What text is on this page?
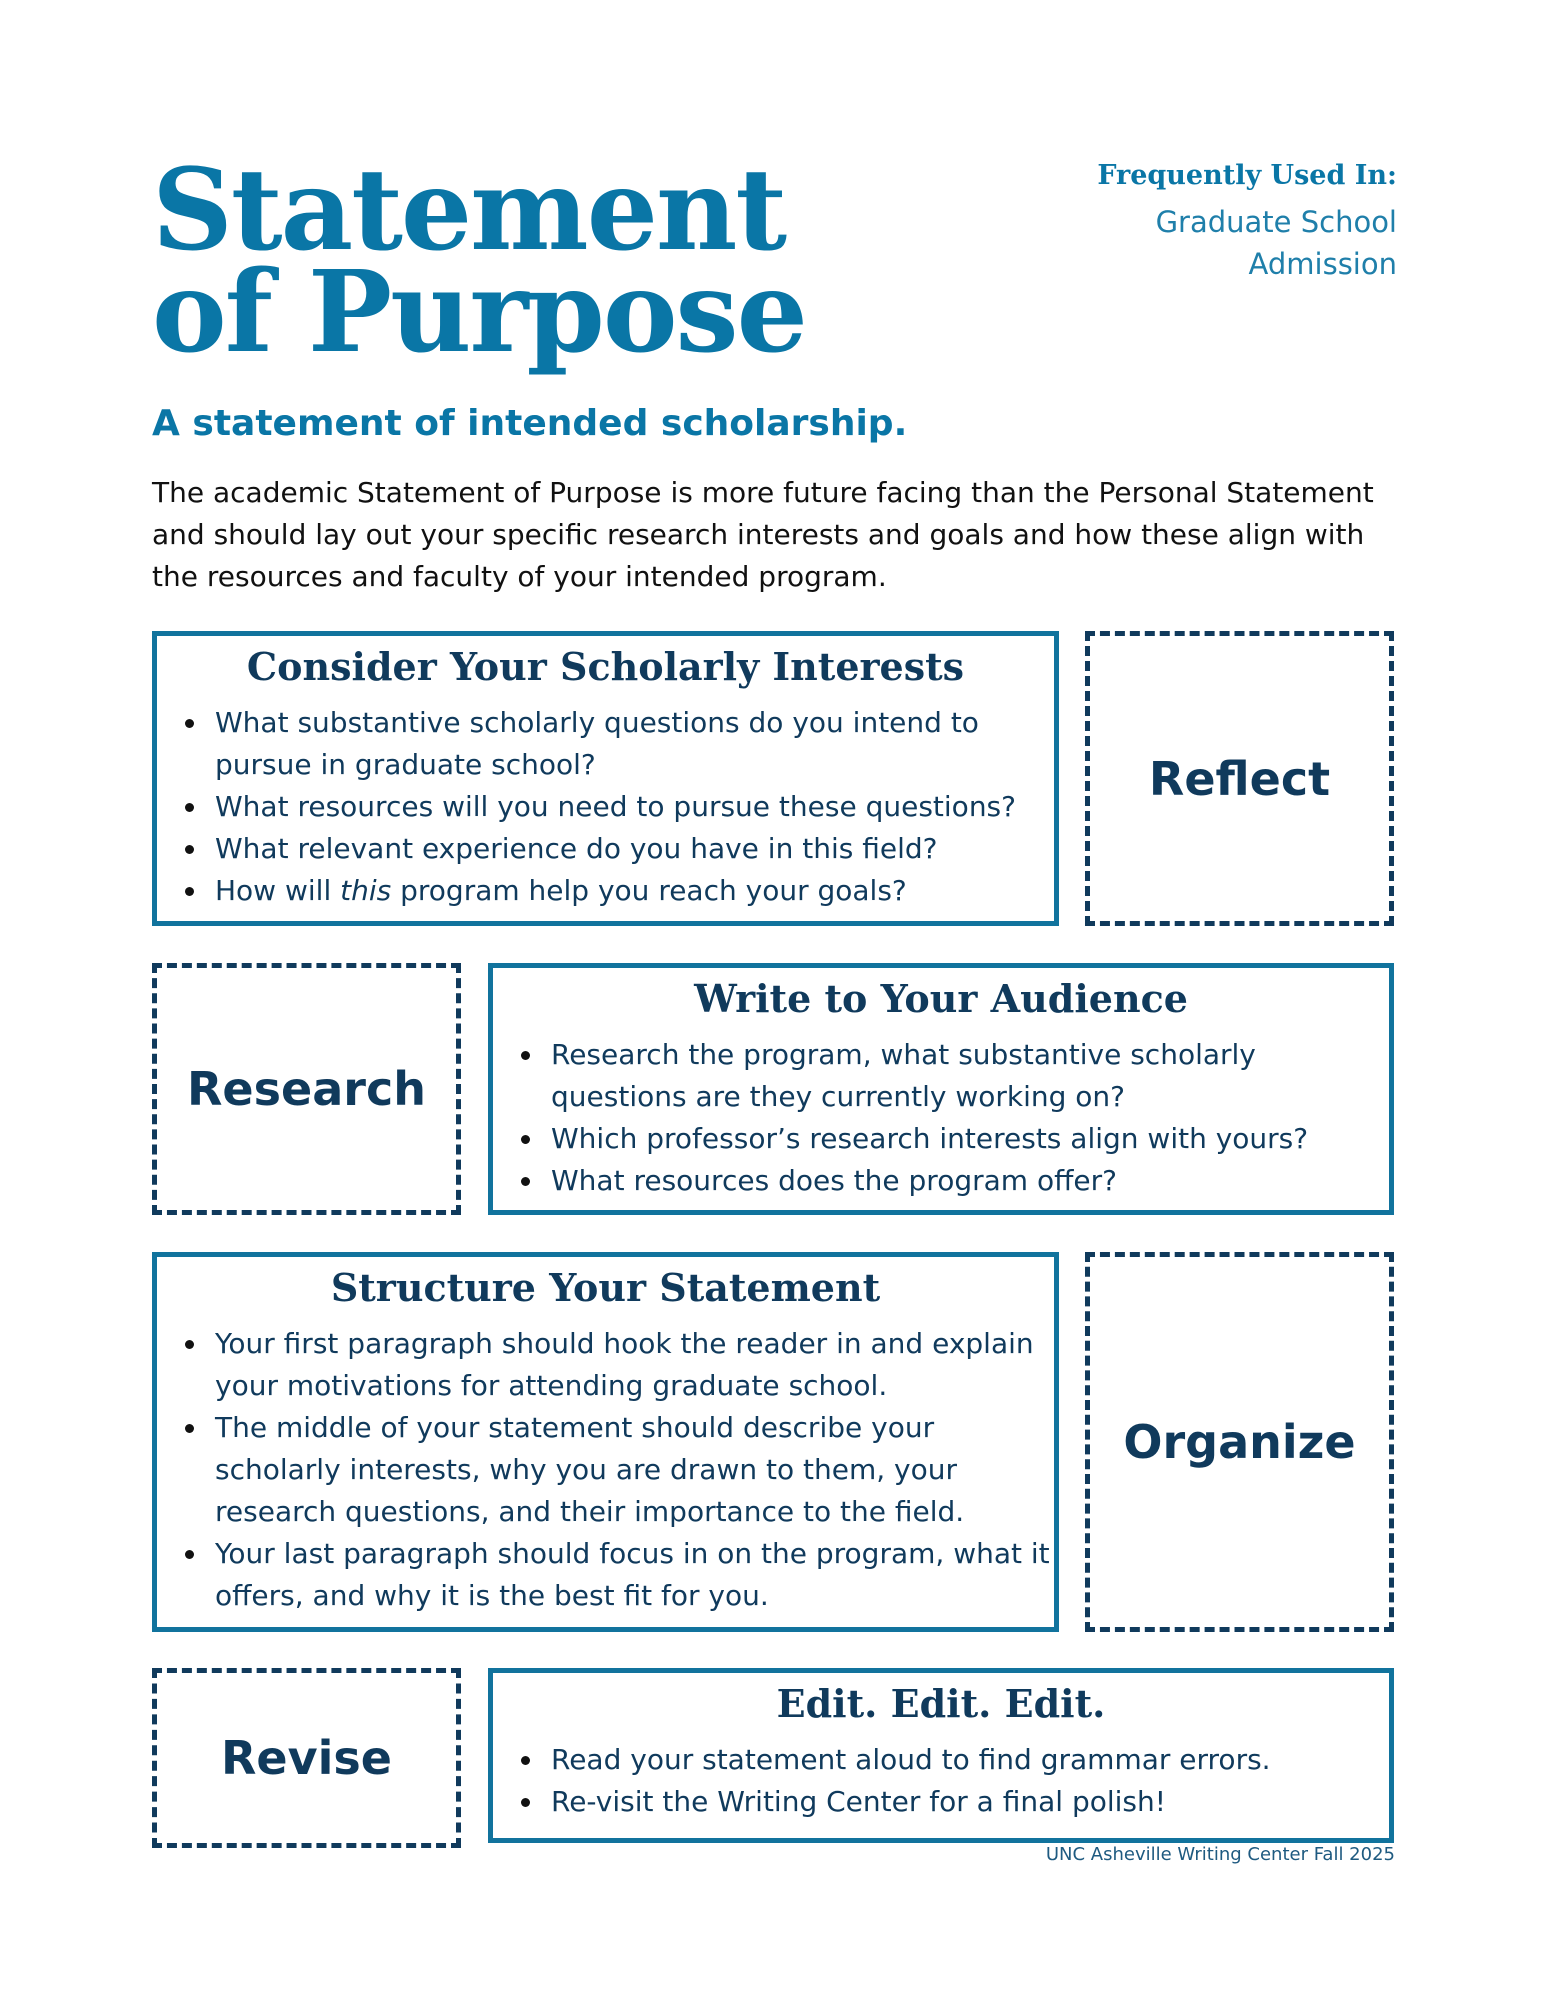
Statement
of Purpose
Frequently Used In:
Graduate School
Admission
A statement of intended scholarship.

The academic Statement of Purpose is more future facing than the Personal Statement and should lay out your specific research interests and goals and how these align with the resources and faculty of your intended program.

Consider Your Scholarly Interests
What substantive scholarly questions do you intend to pursue in graduate school?
What resources will you need to pursue these questions?
What relevant experience do you have in this field?
How will this program help you reach your goals?
Reflect
Research
Write to Your Audience
Research the program, what substantive scholarly questions are they currently working on?
Which professor’s research interests align with yours?
What resources does the program offer?
Structure Your Statement
Your first paragraph should hook the reader in and explain your motivations for attending graduate school.
The middle of your statement should describe your scholarly interests, why you are drawn to them, your research questions, and their importance to the field.
Your last paragraph should focus in on the program, what it offers, and why it is the best fit for you.
Organize
Revise
Edit. Edit. Edit.
Read your statement aloud to find grammar errors.
Re-visit the Writing Center for a final polish!
UNC Asheville Writing Center Fall 2025
